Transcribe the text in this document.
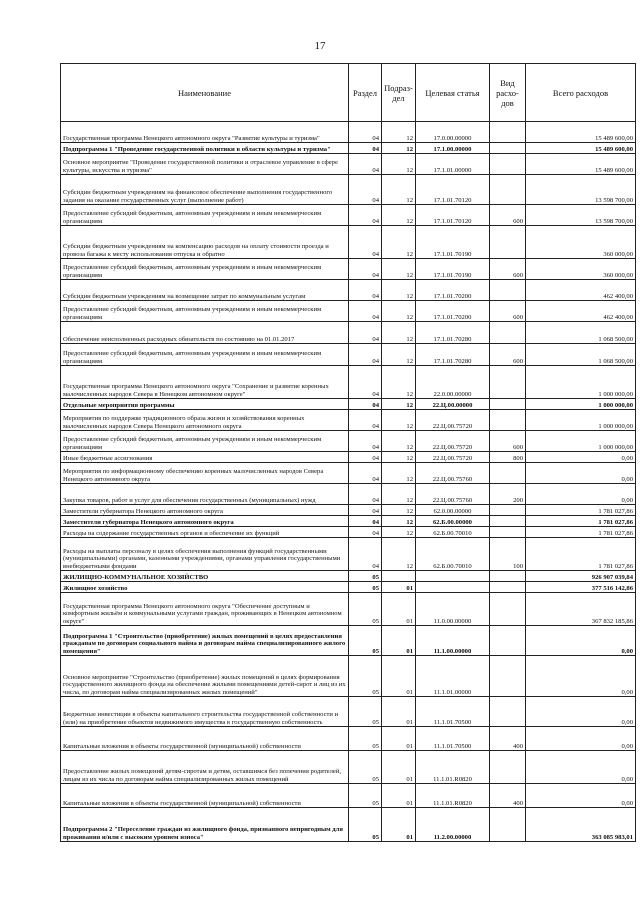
17
Наименование	Раздел	Подраз-дел	Целевая статья	Вид расхо-дов	Всего расходов
Государственная программа Ненецкого автономного округа "Развитие культуры и туризма"	04	12	17.0.00.00000		15 489 600,00
Подпрограмма 1 "Проведение государственной политики в области культуры и туризма"	04	12	17.1.00.00000		15 489 600,00
Основное мероприятие "Проведение государственной политики и отраслевое управление в сфере культуры, искусства и туризма"	04	12	17.1.01.00000		15 489 600,00
Субсидии бюджетным учреждениям на финансовое обеспечение выполнения государственного задания на оказание государственных услуг (выполнение работ)	04	12	17.1.01.70120		13 598 700,00
Предоставление субсидий бюджетным, автономным учреждениям и иным некоммерческим организациям	04	12	17.1.01.70120	600	13 598 700,00
Субсидии бюджетным учреждениям на компенсацию расходов на оплату стоимости проезда и провоза багажа к месту использования отпуска и обратно	04	12	17.1.01.70190		360 000,00
Предоставление субсидий бюджетным, автономным учреждениям и иным некоммерческим организациям	04	12	17.1.01.70190	600	360 000,00
Субсидии бюджетным учреждениям на возмещение затрат по коммунальным услугам	04	12	17.1.01.70200		462 400,00
Предоставление субсидий бюджетным, автономным учреждениям и иным некоммерческим организациям	04	12	17.1.01.70200	600	462 400,00
Обеспечение неисполненных расходных обязательств по состоянию на 01.01.2017	04	12	17.1.01.70280		1 068 500,00
Предоставление субсидий бюджетным, автономным учреждениям и иным некоммерческим организациям	04	12	17.1.01.70280	600	1 068 500,00
Государственная программа Ненецкого автономного округа "Сохранение и развитие коренных малочисленных народов Севера в Ненецком автономном округе"	04	12	22.0.00.00000		1 000 000,00
Отдельные мероприятия программы	04	12	22.Ц.00.00000		1 000 000,00
Мероприятия по поддержке традиционного образа жизни и хозяйствования коренных малочисленных народов Севера Ненецкого автономного округа	04	12	22.Ц.00.75720		1 000 000,00
Предоставление субсидий бюджетным, автономным учреждениям и иным некоммерческим организациям	04	12	22.Ц.00.75720	600	1 000 000,00
Иные бюджетные ассигнования	04	12	22.Ц.00.75720	800	0,00
Мероприятия по информационному обеспечению коренных малочисленных народов Севера Ненецкого автономного округа	04	12	22.Ц.00.75760		0,00
Закупка товаров, работ и услуг для обеспечения государственных (муниципальных) нужд	04	12	22.Ц.00.75760	200	0,00
Заместители губернатора Ненецкого автономного округа	04	12	62.0.00.00000		1 781 027,86
Заместители губернатора Ненецкого автономного округа	04	12	62.Б.00.00000		1 781 027,86
Расходы на содержание государственных органов и обеспечение их функций	04	12	62.Б.00.70010		1 781 027,86
Расходы на выплаты персоналу в целях обеспечения выполнения функций государственными (муниципальными) органами, казенными учреждениями, органами управления государственными внебюджетными фондами	04	12	62.Б.00.70010	100	1 781 027,86
ЖИЛИЩНО-КОММУНАЛЬНОЕ ХОЗЯЙСТВО	05				926 907 039,84
Жилищное хозяйство	05	01			377 516 142,86
Государственная программа Ненецкого автономного округа "Обеспечение доступным и комфортным жильём и коммунальными услугами граждан, проживающих в Ненецком автономном округе"	05	01	11.0.00.00000		367 832 185,86
Подпрограмма 1 "Строительство (приобретение) жилых помещений в целях предоставления гражданам по договорам социального найма и договорам найма специализированного жилого помещения"	05	01	11.1.00.00000		0,00
Основное мероприятие "Строительство (приобретение) жилых помещений в целях формирования государственного жилищного фонда на обеспечение жилыми помещениями детей-сирот и лиц из их числа, по договорам найма специализированных жилых помещений"	05	01	11.1.01.00000		0,00
Бюджетные инвестиции в объекты капитального строительства государственной собственности и (или) на приобретение объектов недвижимого имущества в государственную собственность	05	01	11.1.01.70500		0,00
Капитальные вложения в объекты государственной (муниципальной) собственности	05	01	11.1.01.70500	400	0,00
Предоставление жилых помещений детям-сиротам и детям, оставшимся без попечения родителей, лицам из их числа по договорам найма специализированных жилых помещений	05	01	11.1.01.R0820		0,00
Капитальные вложения в объекты государственной (муниципальной) собственности	05	01	11.1.01.R0820	400	0,00
Подпрограмма 2 "Переселение граждан из жилищного фонда, признанного непригодным для проживания и/или с высоким уровнем износа"	05	01	11.2.00.00000		363 085 983,01
